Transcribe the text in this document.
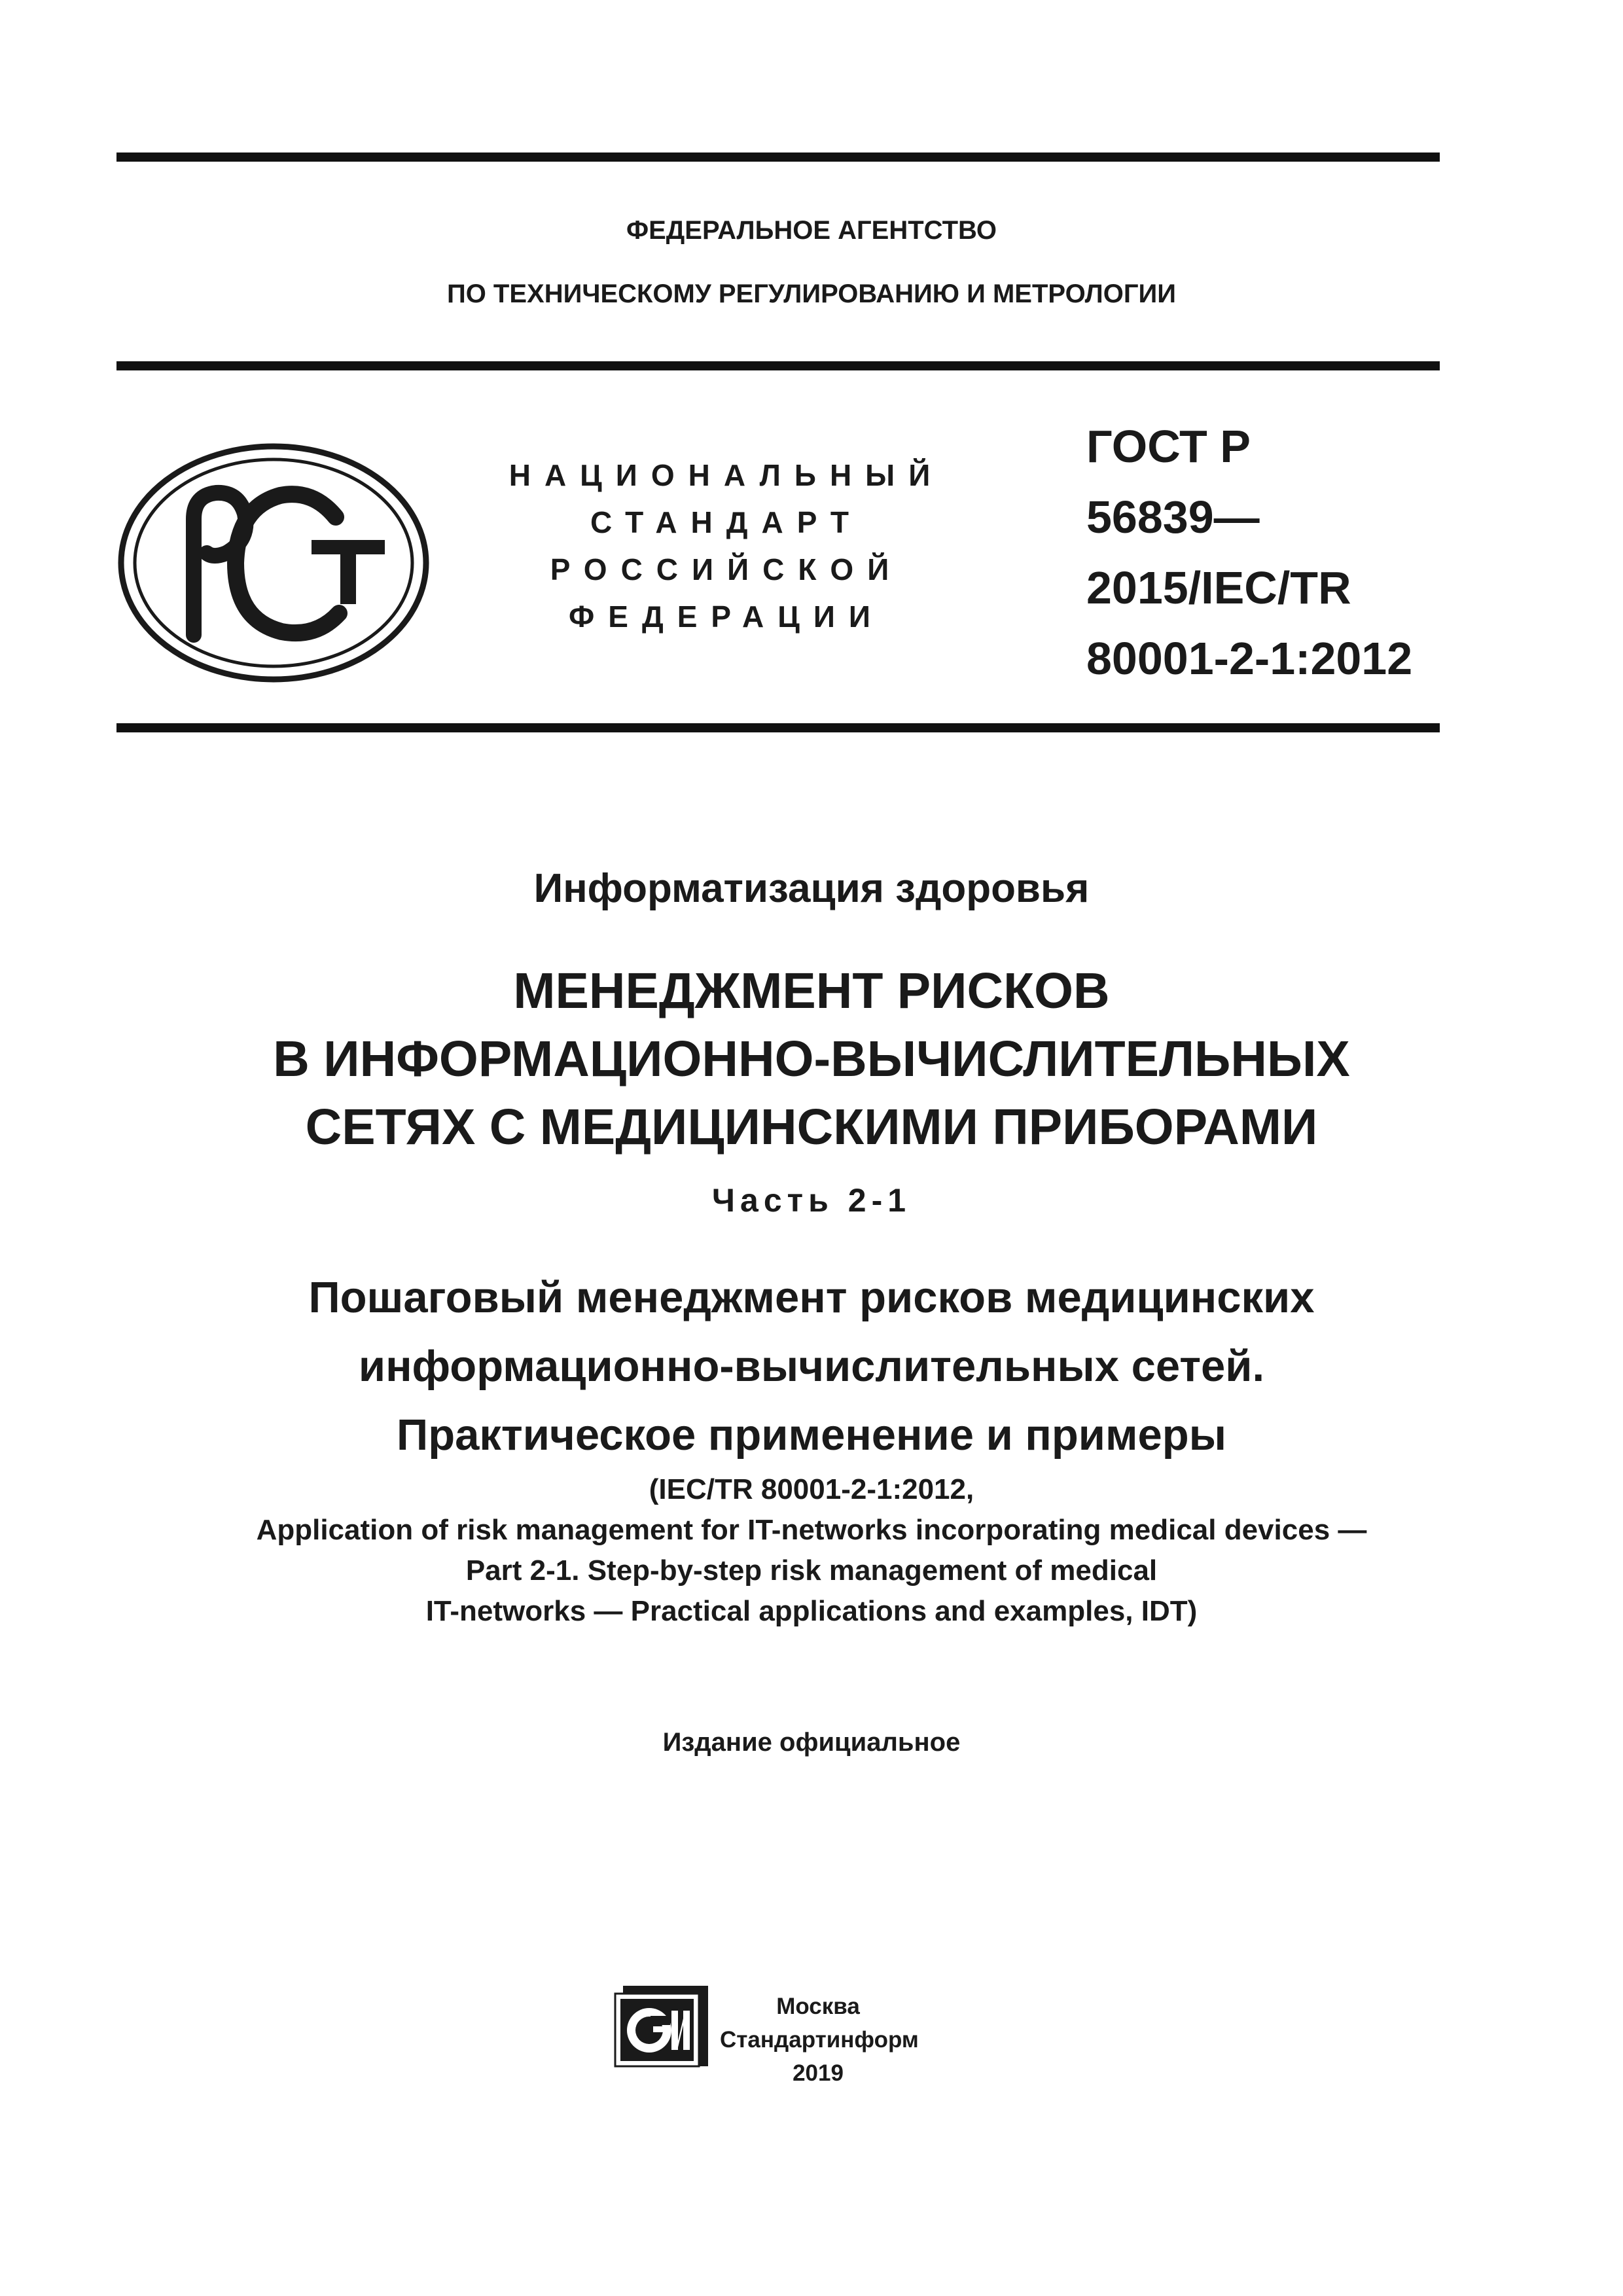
ФЕДЕРАЛЬНОЕ АГЕНТСТВО
ПО ТЕХНИЧЕСКОМУ РЕГУЛИРОВАНИЮ И МЕТРОЛОГИИ
НАЦИОНАЛЬНЫЙ
СТАНДАРТ
РОССИЙСКОЙ
ФЕДЕРАЦИИ
ГОСТ Р
56839—
2015/IEC/TR
80001-2-1:2012
Информатизация здоровья
МЕНЕДЖМЕНТ РИСКОВ
В ИНФОРМАЦИОННО-ВЫЧИСЛИТЕЛЬНЫХ
СЕТЯХ С МЕДИЦИНСКИМИ ПРИБОРАМИ
Часть 2-1
Пошаговый менеджмент рисков медицинских
информационно-вычислительных сетей.
Практическое применение и примеры
(IEC/TR 80001-2-1:2012,
Application of risk management for IT-networks incorporating medical devices —
Part 2-1. Step-by-step risk management of medical
IT-networks — Practical applications and examples, IDT)
Издание официальное
Москва
Стандартинформ
2019
